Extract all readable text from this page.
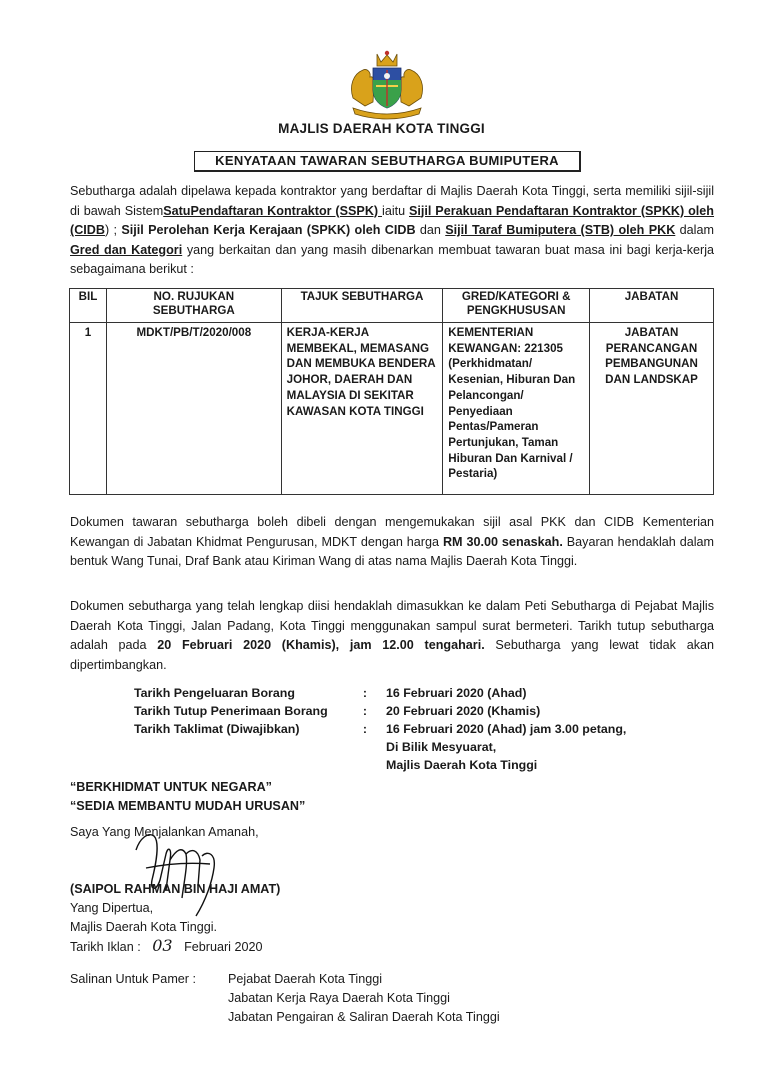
MAJLIS DAERAH KOTA TINGGI
KENYATAAN TAWARAN SEBUTHARGA BUMIPUTERA
Sebutharga adalah dipelawa kepada kontraktor yang berdaftar di Majlis Daerah Kota Tinggi, serta memiliki sijil-sijil di bawah SistemSatuPendaftaran Kontraktor (SSPK) iaitu Sijil Perakuan Pendaftaran Kontraktor (SPKK) oleh (CIDB) ; Sijil Perolehan Kerja Kerajaan (SPKK) oleh CIDB dan Sijil Taraf Bumiputera (STB) oleh PKK dalam Gred dan Kategori yang berkaitan dan yang masih dibenarkan membuat tawaran buat masa ini bagi kerja-kerja sebagaimana berikut :
BIL	NO. RUJUKAN SEBUTHARGA	TAJUK SEBUTHARGA	GRED/KATEGORI & PENGKHUSUSAN	JABATAN
1	MDKT/PB/T/2020/008	KERJA-KERJA MEMBEKAL, MEMASANG DAN MEMBUKA BENDERA JOHOR, DAERAH DAN MALAYSIA DI SEKITAR KAWASAN KOTA TINGGI	KEMENTERIAN KEWANGAN: 221305 (Perkhidmatan/ Kesenian, Hiburan Dan Pelancongan/ Penyediaan Pentas/Pameran Pertunjukan, Taman Hiburan Dan Karnival / Pestaria)	JABATAN PERANCANGAN PEMBANGUNAN DAN LANDSKAP
Dokumen tawaran sebutharga boleh dibeli dengan mengemukakan sijil asal PKK dan CIDB Kementerian Kewangan di Jabatan Khidmat Pengurusan, MDKT dengan harga RM 30.00 senaskah. Bayaran hendaklah dalam bentuk Wang Tunai, Draf Bank atau Kiriman Wang di atas nama Majlis Daerah Kota Tinggi.
Dokumen sebutharga yang telah lengkap diisi hendaklah dimasukkan ke dalam Peti Sebutharga di Pejabat Majlis Daerah Kota Tinggi, Jalan Padang, Kota Tinggi menggunakan sampul surat bermeteri. Tarikh tutup sebutharga adalah pada 20 Februari 2020 (Khamis), jam 12.00 tengahari. Sebutharga yang lewat tidak akan dipertimbangkan.
Tarikh Pengeluaran Borang	: 16 Februari 2020 (Ahad)
Tarikh Tutup Penerimaan Borang	: 20 Februari 2020 (Khamis)
Tarikh Taklimat (Diwajibkan)	: 16 Februari 2020 (Ahad) jam 3.00 petang,
Di Bilik Mesyuarat,
Majlis Daerah Kota Tinggi
“BERKHIDMAT UNTUK NEGARA”
“SEDIA MEMBANTU MUDAH URUSAN”
Saya Yang Menjalankan Amanah,
(SAIPOL RAHMAN BIN HAJI AMAT)
Yang Dipertua,
Majlis Daerah Kota Tinggi.
Tarikh Iklan : 03 Februari 2020
Salinan Untuk Pamer :	Pejabat Daerah Kota Tinggi
Jabatan Kerja Raya Daerah Kota Tinggi
Jabatan Pengairan & Saliran Daerah Kota Tinggi
